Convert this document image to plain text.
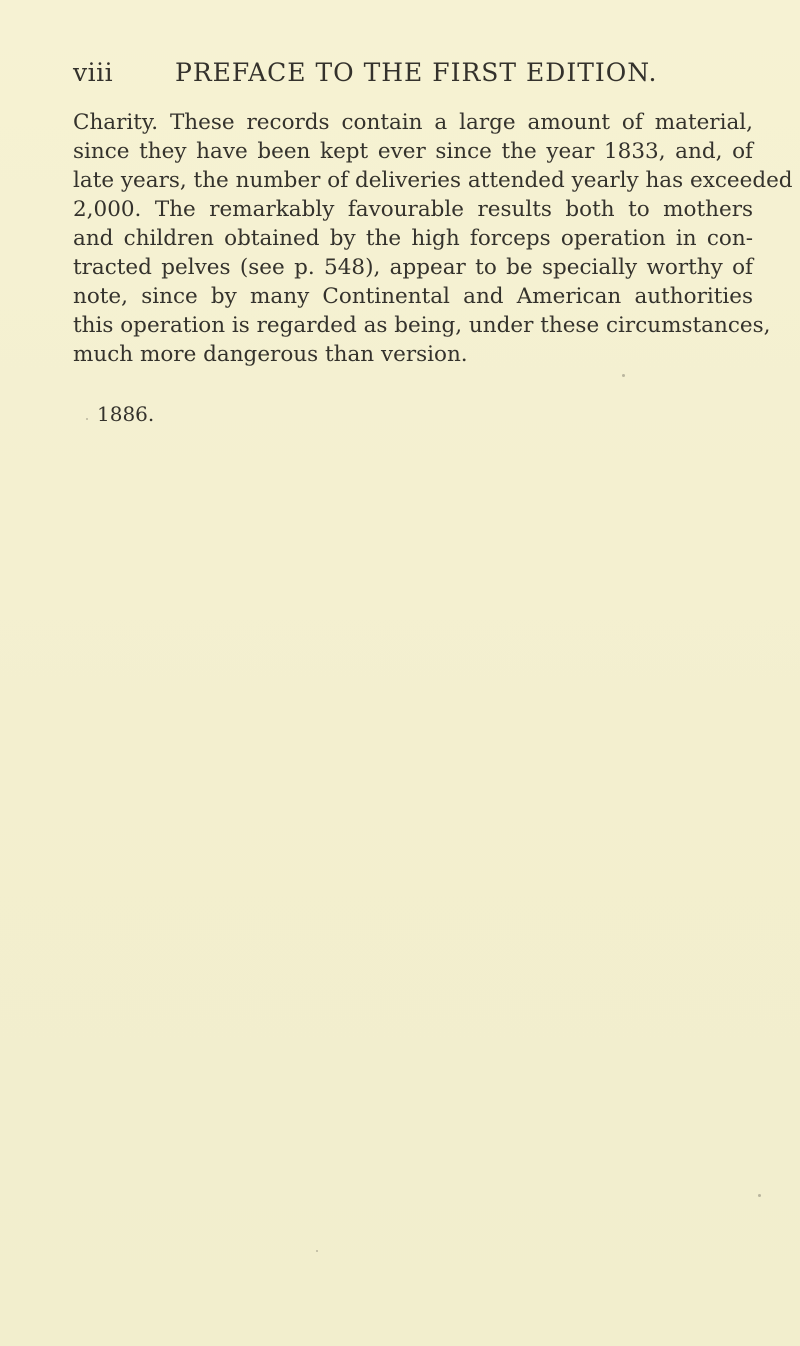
viii PREFACE TO THE FIRST EDITION.
Charity. These records contain a large amount of material,
since they have been kept ever since the year 1833, and, of
late years, the number of deliveries attended yearly has exceeded
2,000. The remarkably favourable results both to mothers
and children obtained by the high forceps operation in con-
tracted pelves (see p. 548), appear to be specially worthy of
note, since by many Continental and American authorities
this operation is regarded as being, under these circumstances,
much more dangerous than version.
1886.
